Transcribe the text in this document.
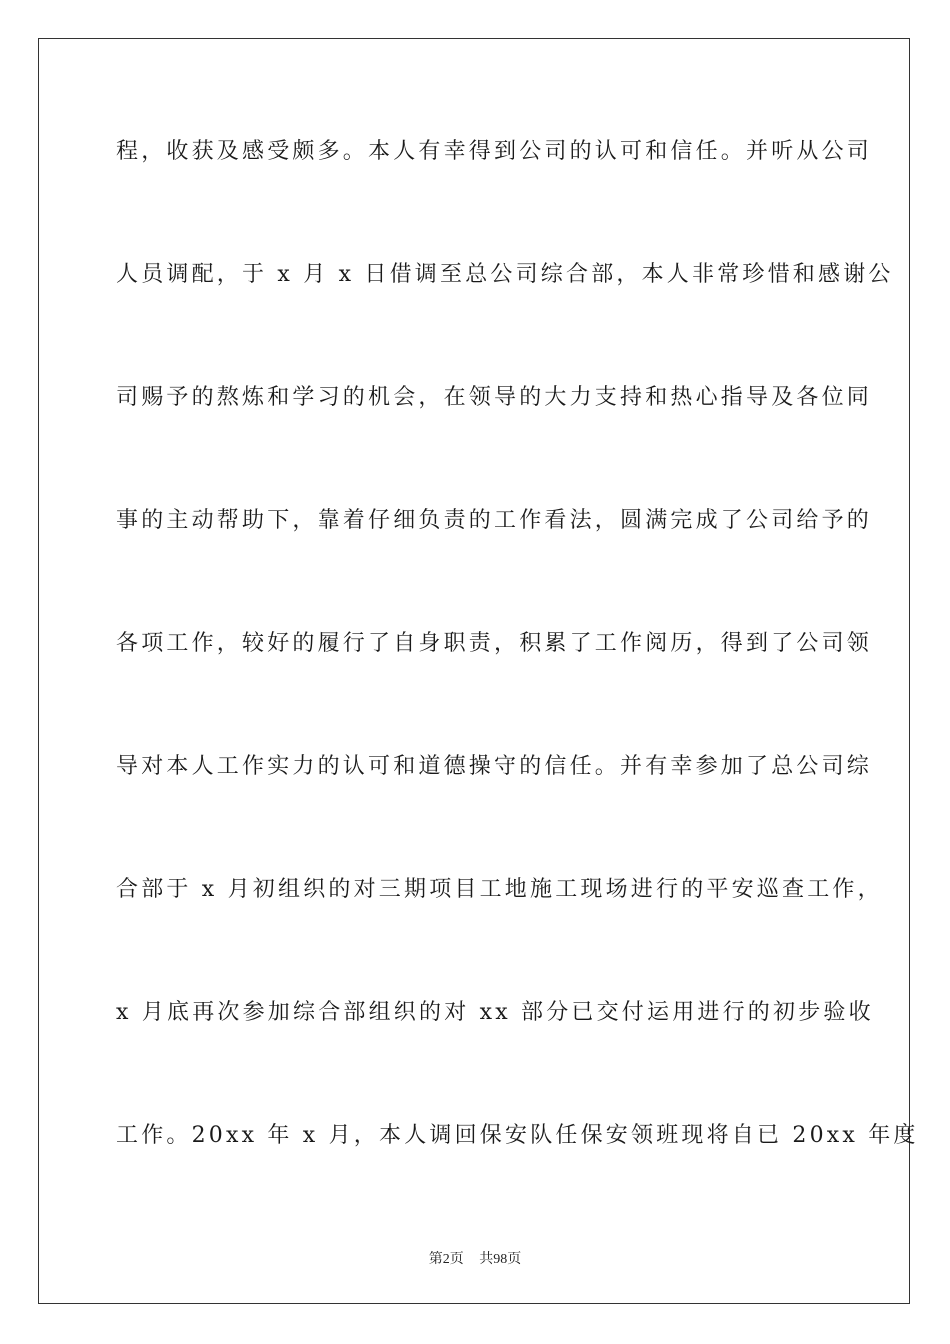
程，收获及感受颇多。本人有幸得到公司的认可和信任。并听从公司
人员调配，于 x 月 x 日借调至总公司综合部，本人非常珍惜和感谢公
司赐予的熬炼和学习的机会，在领导的大力支持和热心指导及各位同
事的主动帮助下，靠着仔细负责的工作看法，圆满完成了公司给予的
各项工作，较好的履行了自身职责，积累了工作阅历，得到了公司领
导对本人工作实力的认可和道德操守的信任。并有幸参加了总公司综
合部于 x 月初组织的对三期项目工地施工现场进行的平安巡查工作，
x 月底再次参加综合部组织的对 xx 部分已交付运用进行的初步验收
工作。20xx 年 x 月，本人调回保安队任保安领班现将自已 20xx 年度
第2页 共98页
